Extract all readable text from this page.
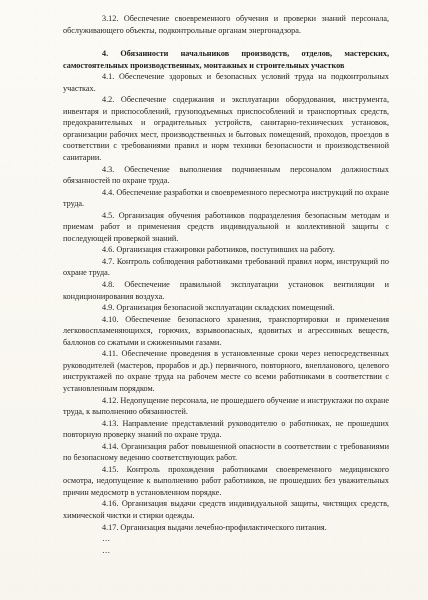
3.12. Обеспечение своевременного обучения и проверки знаний персонала, обслуживающего объекты, подконтрольные органам энергонадзора.

4. Обязанности начальников производств, отделов, мастерских, самостоятельных производственных, монтажных и строительных участков

4.1. Обеспечение здоровых и безопасных условий труда на подконтрольных участках.

4.2. Обеспечение содержания и эксплуатации оборудования, инструмента, инвентаря и приспособлений, грузоподъемных приспособлений и транспортных средств, предохранительных и оградительных устройств, санитарно-технических установок, организации рабочих мест, производственных и бытовых помещений, проходов, проездов в соответствии с требованиями правил и норм техники безопасности и производственной санитарии.

4.3. Обеспечение выполнения подчиненным персоналом должностных обязанностей по охране труда.

4.4. Обеспечение разработки и своевременного пересмотра инструкций по охране труда.

4.5. Организация обучения работников подразделения безопасным методам и приемам работ и применения средств индивидуальной и коллективной защиты с последующей проверкой знаний.

4.6. Организация стажировки работников, поступивших на работу.

4.7. Контроль соблюдения работниками требований правил норм, инструкций по охране труда.

4.8. Обеспечение правильной эксплуатации установок вентиляции и кондиционирования воздуха.

4.9. Организация безопасной эксплуатации складских помещений.

4.10. Обеспечение безопасного хранения, транспортировки и применения легковоспламеняющихся, горючих, взрывоопасных, ядовитых и агрессивных веществ, баллонов со сжатыми и сжиженными газами.

4.11. Обеспечение проведения в установленные сроки через непосредственных руководителей (мастеров, прорабов и др.) первичного, повторного, внепланового, целевого инструктажей по охране труда на рабочем месте со всеми работниками в соответствии с установленным порядком.

4.12. Недопущение персонала, не прошедшего обучение и инструктажи по охране труда, к выполнению обязанностей.

4.13. Направление представлений руководителю о работниках, не прошедших повторную проверку знаний по охране труда.

4.14. Организация работ повышенной опасности в соответствии с требованиями по безопасному ведению соответствующих работ.

4.15. Контроль прохождения работниками своевременного медицинского осмотра, недопущение к выполнению работ работников, не прошедших без уважительных причин медосмотр в установленном порядке.

4.16. Организация выдачи средств индивидуальной защиты, чистящих средств, химической чистки и стирки одежды.

4.17. Организация выдачи лечебно-профилактического питания.

…

…
